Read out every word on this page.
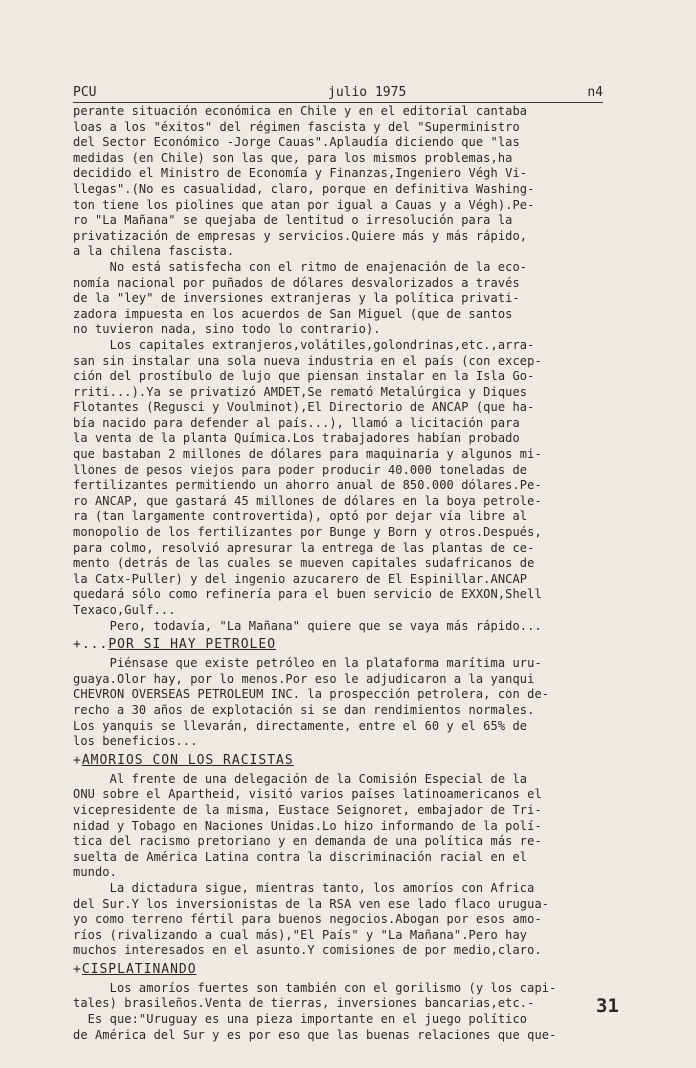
PCU	julio 1975	n4
perante situación económica en Chile y en el editorial cantaba
loas a los "éxitos" del régimen fascista y del "Superministro
del Sector Económico -Jorge Cauas".Aplaudía diciendo que "las
medidas (en Chile) son las que, para los mismos problemas,ha
decidido el Ministro de Economía y Finanzas,Ingeniero Végh Vi-
llegas".(No es casualidad, claro, porque en definitiva Washing-
ton tiene los piolines que atan por igual a Cauas y a Végh).Pe-
ro "La Mañana" se quejaba de lentitud o irresolución para la
privatización de empresas y servicios.Quiere más y más rápido,
a la chilena fascista.
No está satisfecha con el ritmo de enajenación de la eco-
nomía nacional por puñados de dólares desvalorizados a través
de la "ley" de inversiones extranjeras y la política privati-
zadora impuesta en los acuerdos de San Miguel (que de santos
no tuvieron nada, sino todo lo contrario).
Los capitales extranjeros,volátiles,golondrinas,etc.,arra-
san sin instalar una sola nueva industria en el país (con excep-
ción del prostíbulo de lujo que piensan instalar en la Isla Go-
rriti...).Ya se privatizó AMDET,Se remató Metalúrgica y Diques
Flotantes (Regusci y Voulminot),El Directorio de ANCAP (que ha-
bía nacido para defender al país...), llamó a licitación para
la venta de la planta Química.Los trabajadores habían probado
que bastaban 2 millones de dólares para maquinaria y algunos mi-
llones de pesos viejos para poder producir 40.000 toneladas de
fertilizantes permitiendo un ahorro anual de 850.000 dólares.Pe-
ro ANCAP, que gastará 45 millones de dólares en la boya petrole-
ra (tan largamente controvertida), optó por dejar vía libre al
monopolio de los fertilizantes por Bunge y Born y otros.Después,
para colmo, resolvió apresurar la entrega de las plantas de ce-
mento (detrás de las cuales se mueven capitales sudafricanos de
la Catx-Puller) y del ingenio azucarero de El Espinillar.ANCAP
quedará sólo como refinería para el buen servicio de EXXON,Shell
Texaco,Gulf...
Pero, todavía, "La Mañana" quiere que se vaya más rápido...
+...POR SI HAY PETROLEO
Piénsase que existe petróleo en la plataforma marítima uru-
guaya.Olor hay, por lo menos.Por eso le adjudicaron a la yanqui
CHEVRON OVERSEAS PETROLEUM INC. la prospección petrolera, con de-
recho a 30 años de explotación si se dan rendimientos normales.
Los yanquis se llevarán, directamente, entre el 60 y el 65% de
los beneficios...
+AMORIOS CON LOS RACISTAS
Al frente de una delegación de la Comisión Especial de la
ONU sobre el Apartheid, visitó varios países latinoamericanos el
vicepresidente de la misma, Eustace Seignoret, embajador de Tri-
nidad y Tobago en Naciones Unidas.Lo hizo informando de la polí-
tica del racismo pretoriano y en demanda de una política más re-
suelta de América Latina contra la discriminación racial en el
mundo.
La dictadura sigue, mientras tanto, los amoríos con Africa
del Sur.Y los inversionistas de la RSA ven ese lado flaco urugua-
yo como terreno fértil para buenos negocios.Abogan por esos amo-
ríos (rivalizando a cual más),"El País" y "La Mañana".Pero hay
muchos interesados en el asunto.Y comisiones de por medio,claro.
+CISPLATINANDO
Los amoríos fuertes son también con el gorilismo (y los capi-
tales) brasileños.Venta de tierras, inversiones bancarias,etc.-
Es que:"Uruguay es una pieza importante en el juego político
de América del Sur y es por eso que las buenas relaciones que que-
31
